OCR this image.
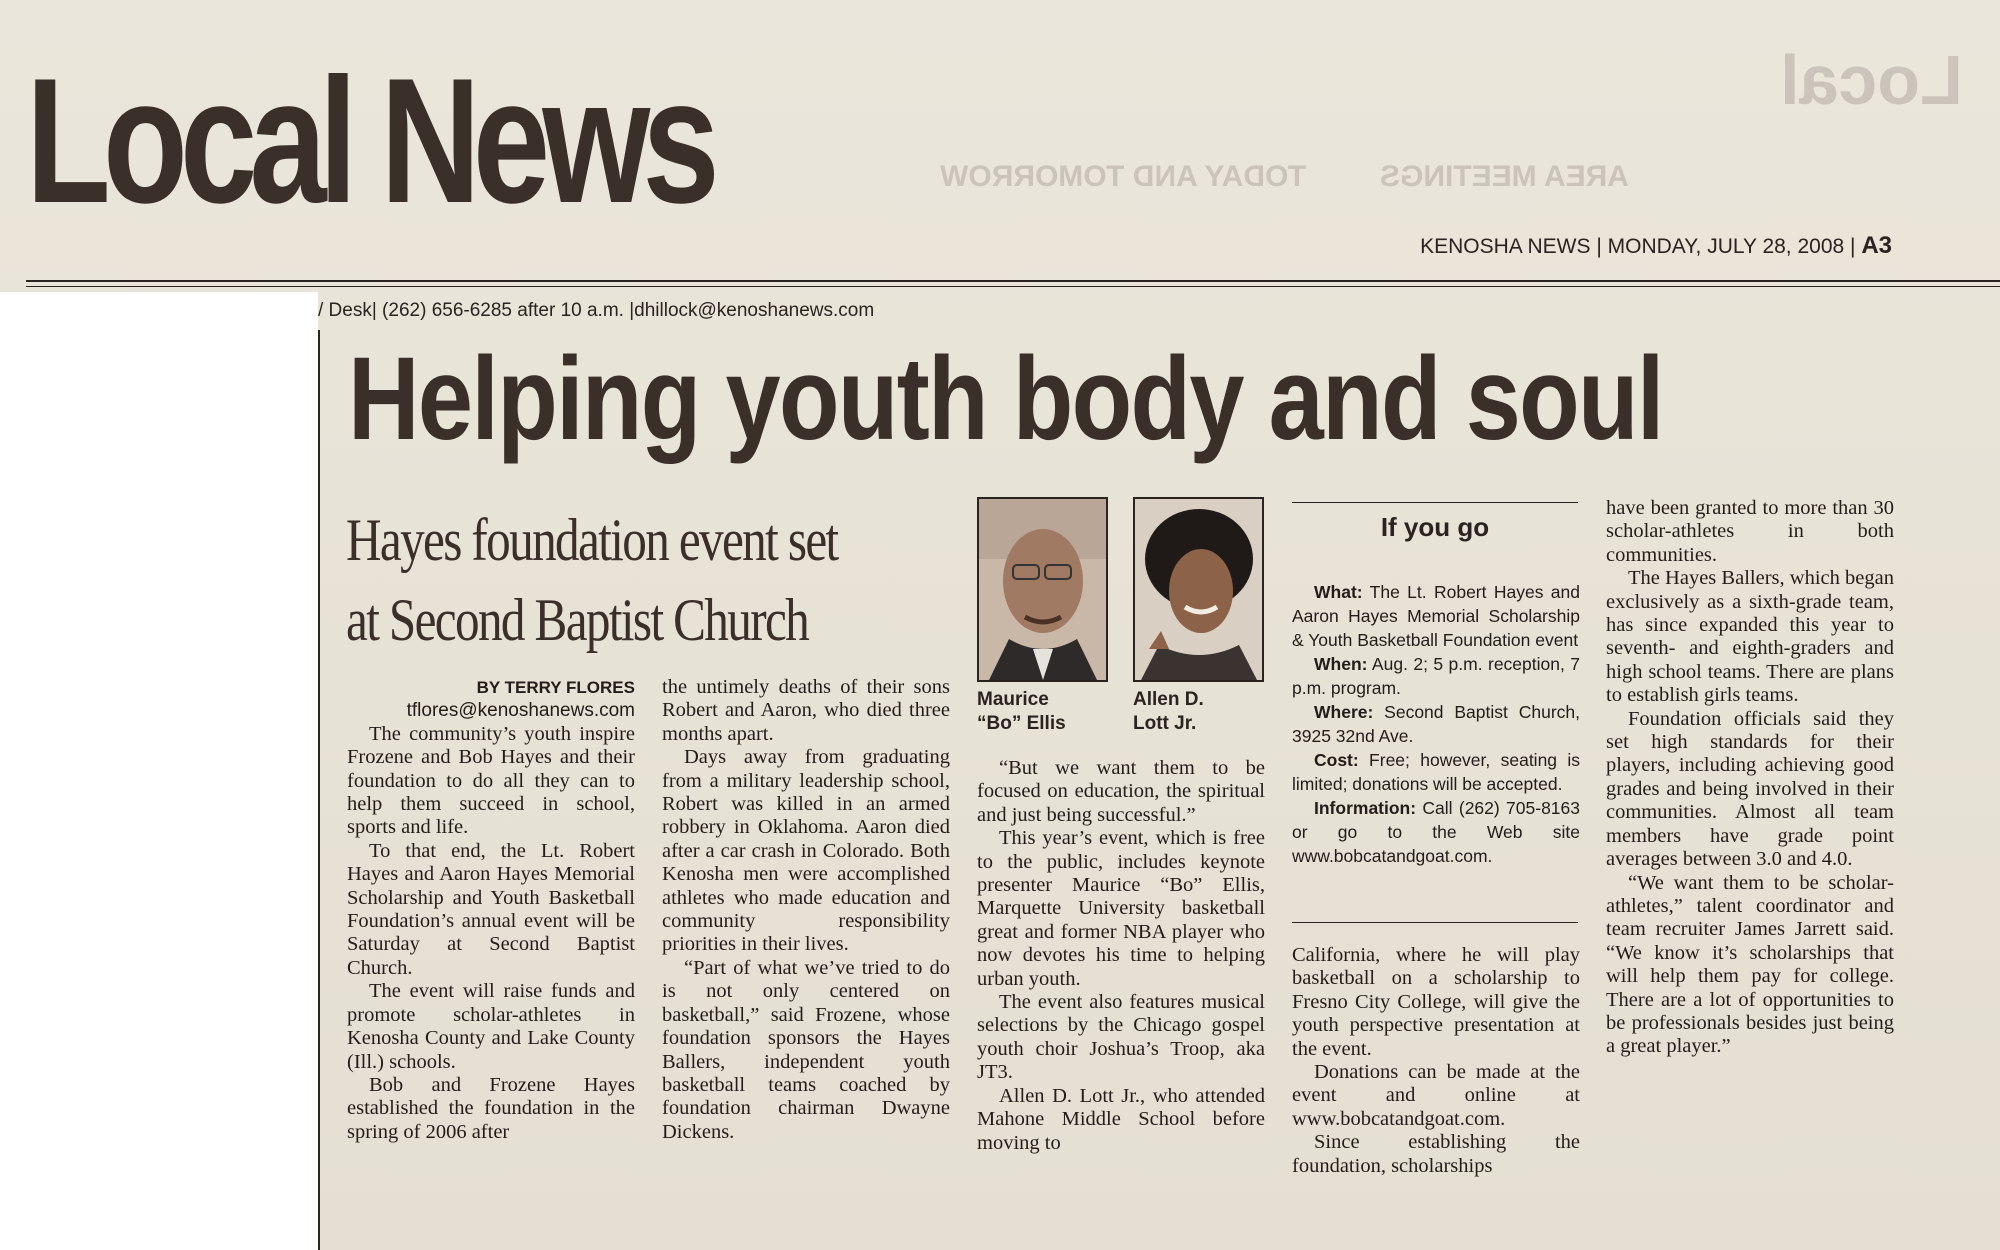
Local
AREA MEETINGS
TODAY AND TOMORROW
Local News
KENOSHA NEWS | MONDAY, JULY 28, 2008 | A3
/ Desk| (262) 656-6285 after 10 a.m. |dhillock@kenoshanews.com
Helping youth body and soul
Hayes foundation event set
at Second Baptist Church
BY TERRY FLORES
tflores@kenoshanews.com

The community’s youth inspire Frozene and Bob Hayes and their foundation to do all they can to help them succeed in school, sports and life.

To that end, the Lt. Robert Hayes and Aaron Hayes Memorial Scholarship and Youth Basketball Foundation’s annual event will be Saturday at Second Baptist Church.

The event will raise funds and promote scholar-athletes in Kenosha County and Lake County (Ill.) schools.

Bob and Frozene Hayes established the foundation in the spring of 2006 after

the untimely deaths of their sons Robert and Aaron, who died three months apart.

Days away from graduating from a military leadership school, Robert was killed in an armed robbery in Oklahoma. Aaron died after a car crash in Colorado. Both Kenosha men were accomplished athletes who made education and community responsibility priorities in their lives.

“Part of what we’ve tried to do is not only centered on basketball,” said Frozene, whose foundation sponsors the Hayes Ballers, independent youth basketball teams coached by foundation chairman Dwayne Dickens.

Maurice
“Bo” Ellis
Allen D.
Lott Jr.

“But we want them to be focused on education, the spiritual and just being successful.”

This year’s event, which is free to the public, includes keynote presenter Maurice “Bo” Ellis, Marquette University basketball great and former NBA player who now devotes his time to helping urban youth.

The event also features musical selections by the Chicago gospel youth choir Joshua’s Troop, aka JT3.

Allen D. Lott Jr., who attended Mahone Middle School before moving to

If you go

What: The Lt. Robert Hayes and Aaron Hayes Memorial Scholarship & Youth Basketball Foundation event

When: Aug. 2; 5 p.m. reception, 7 p.m. program.

Where: Second Baptist Church, 3925 32nd Ave.

Cost: Free; however, seating is limited; donations will be accepted.

Information: Call (262) 705-8163 or go to the Web site www.bobcatandgoat.com.

California, where he will play basketball on a scholarship to Fresno City College, will give the youth perspective presentation at the event.

Donations can be made at the event and online at www.bobcatandgoat.com.

Since establishing the foundation, scholarships

have been granted to more than 30 scholar-athletes in both communities.

The Hayes Ballers, which began exclusively as a sixth-grade team, has since expanded this year to seventh- and eighth-graders and high school teams. There are plans to establish girls teams.

Foundation officials said they set high standards for their players, including achieving good grades and being involved in their communities. Almost all team members have grade point averages between 3.0 and 4.0.

“We want them to be scholar-athletes,” talent coordinator and team recruiter James Jarrett said. “We know it’s scholarships that will help them pay for college. There are a lot of opportunities to be professionals besides just being a great player.”
